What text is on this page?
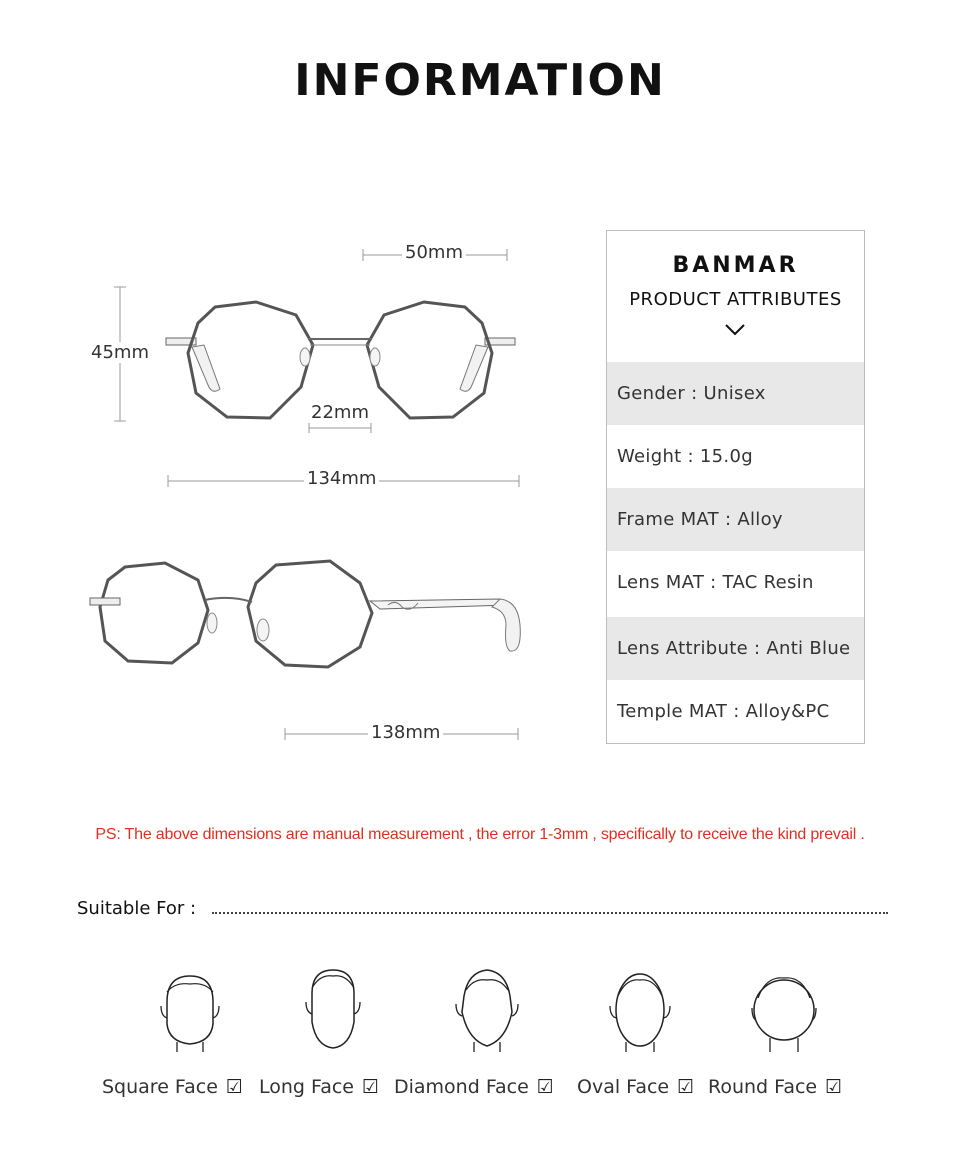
INFORMATION
50mm
45mm
22mm
134mm
138mm
BANMAR
PRODUCT ATTRIBUTES
Gender : Unisex
Weight : 15.0g
Frame MAT : Alloy
Lens MAT : TAC Resin
Lens Attribute : Anti Blue
Temple MAT : Alloy&PC
PS: The above dimensions are manual measurement , the error 1-3mm , specifically to receive the kind prevail .
Suitable For :
Square Face ☑ Long Face ☑ Diamond Face ☑ Oval Face ☑ Round Face ☑
